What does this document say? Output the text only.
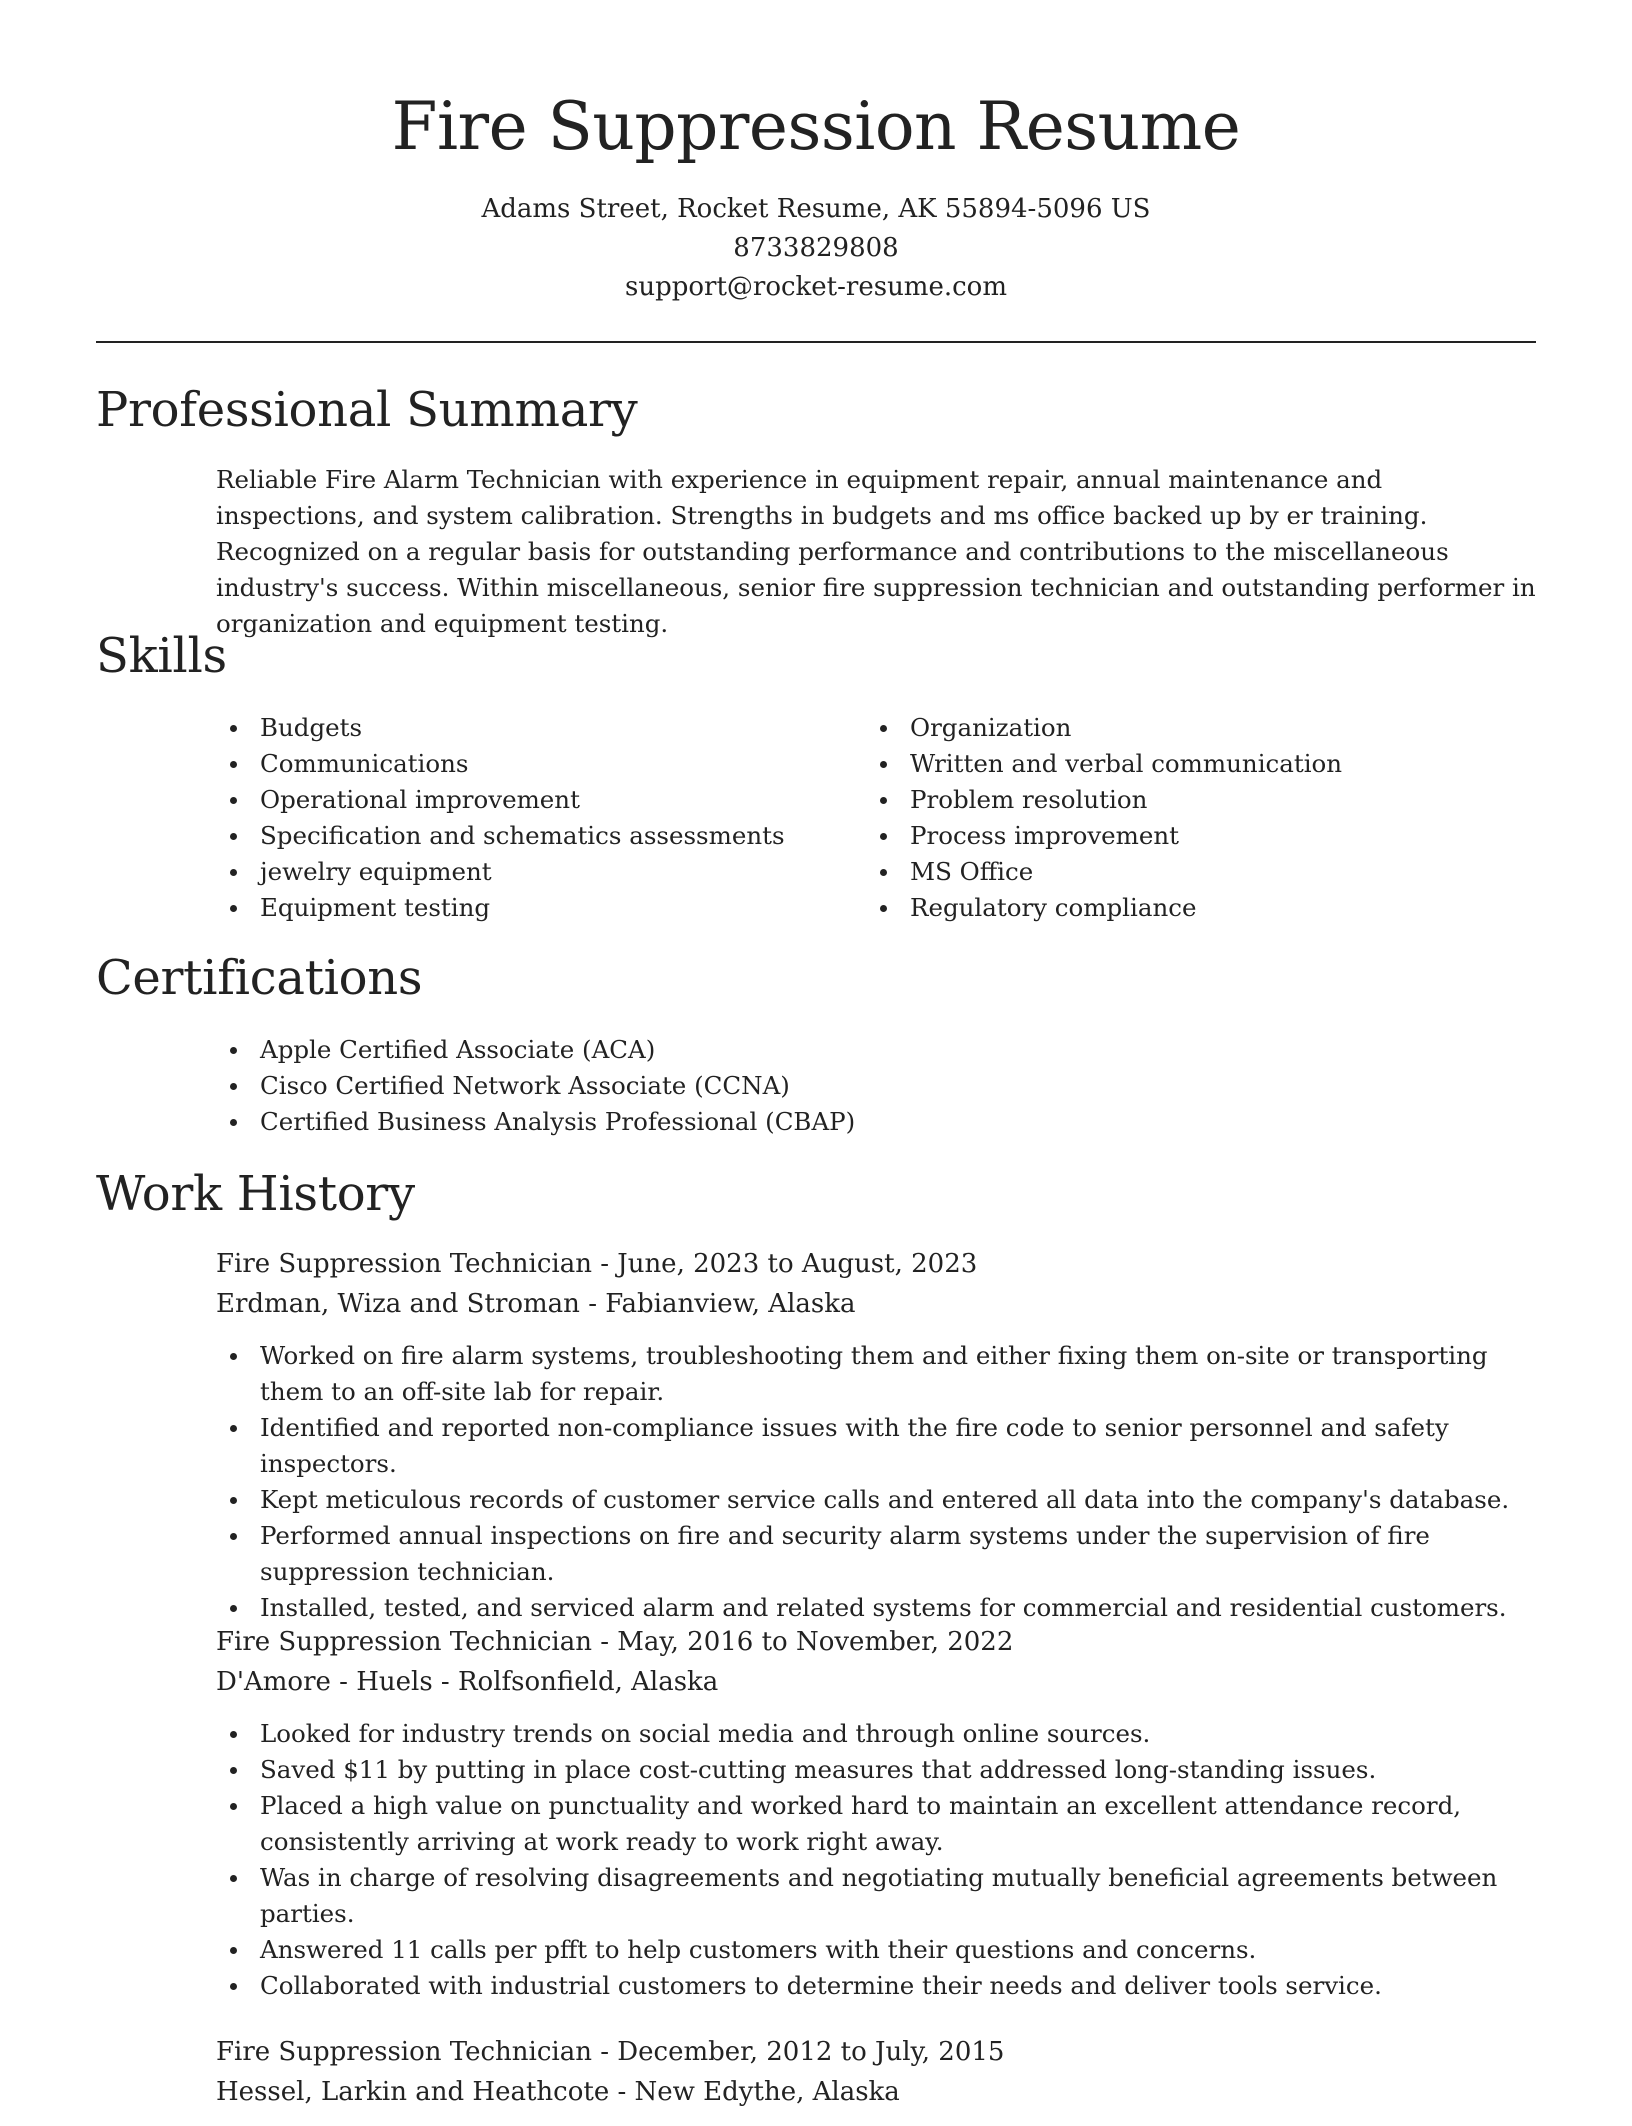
Fire Suppression Resume
Adams Street, Rocket Resume, AK 55894-5096 US
8733829808
support@rocket-resume.com
Professional Summary

Reliable Fire Alarm Technician with experience in equipment repair, annual maintenance and inspections, and system calibration. Strengths in budgets and ms office backed up by er training. Recognized on a regular basis for outstanding performance and contributions to the miscellaneous industry's success. Within miscellaneous, senior fire suppression technician and outstanding performer in organization and equipment testing.

Skills
Budgets
Communications
Operational improvement
Specification and schematics assessments
jewelry equipment
Equipment testing
Organization
Written and verbal communication
Problem resolution
Process improvement
MS Office
Regulatory compliance
Certifications
Apple Certified Associate (ACA)
Cisco Certified Network Associate (CCNA)
Certified Business Analysis Professional (CBAP)
Work History
Fire Suppression Technician - June, 2023 to August, 2023
Erdman, Wiza and Stroman - Fabianview, Alaska
Worked on fire alarm systems, troubleshooting them and either fixing them on-site or transporting them to an off-site lab for repair.
Identified and reported non-compliance issues with the fire code to senior personnel and safety inspectors.
Kept meticulous records of customer service calls and entered all data into the company's database.
Performed annual inspections on fire and security alarm systems under the supervision of fire suppression technician.
Installed, tested, and serviced alarm and related systems for commercial and residential customers.
Fire Suppression Technician - May, 2016 to November, 2022
D'Amore - Huels - Rolfsonfield, Alaska
Looked for industry trends on social media and through online sources.
Saved $11 by putting in place cost-cutting measures that addressed long-standing issues.
Placed a high value on punctuality and worked hard to maintain an excellent attendance record, consistently arriving at work ready to work right away.
Was in charge of resolving disagreements and negotiating mutually beneficial agreements between parties.
Answered 11 calls per pfft to help customers with their questions and concerns.
Collaborated with industrial customers to determine their needs and deliver tools service.
Fire Suppression Technician - December, 2012 to July, 2015
Hessel, Larkin and Heathcote - New Edythe, Alaska
